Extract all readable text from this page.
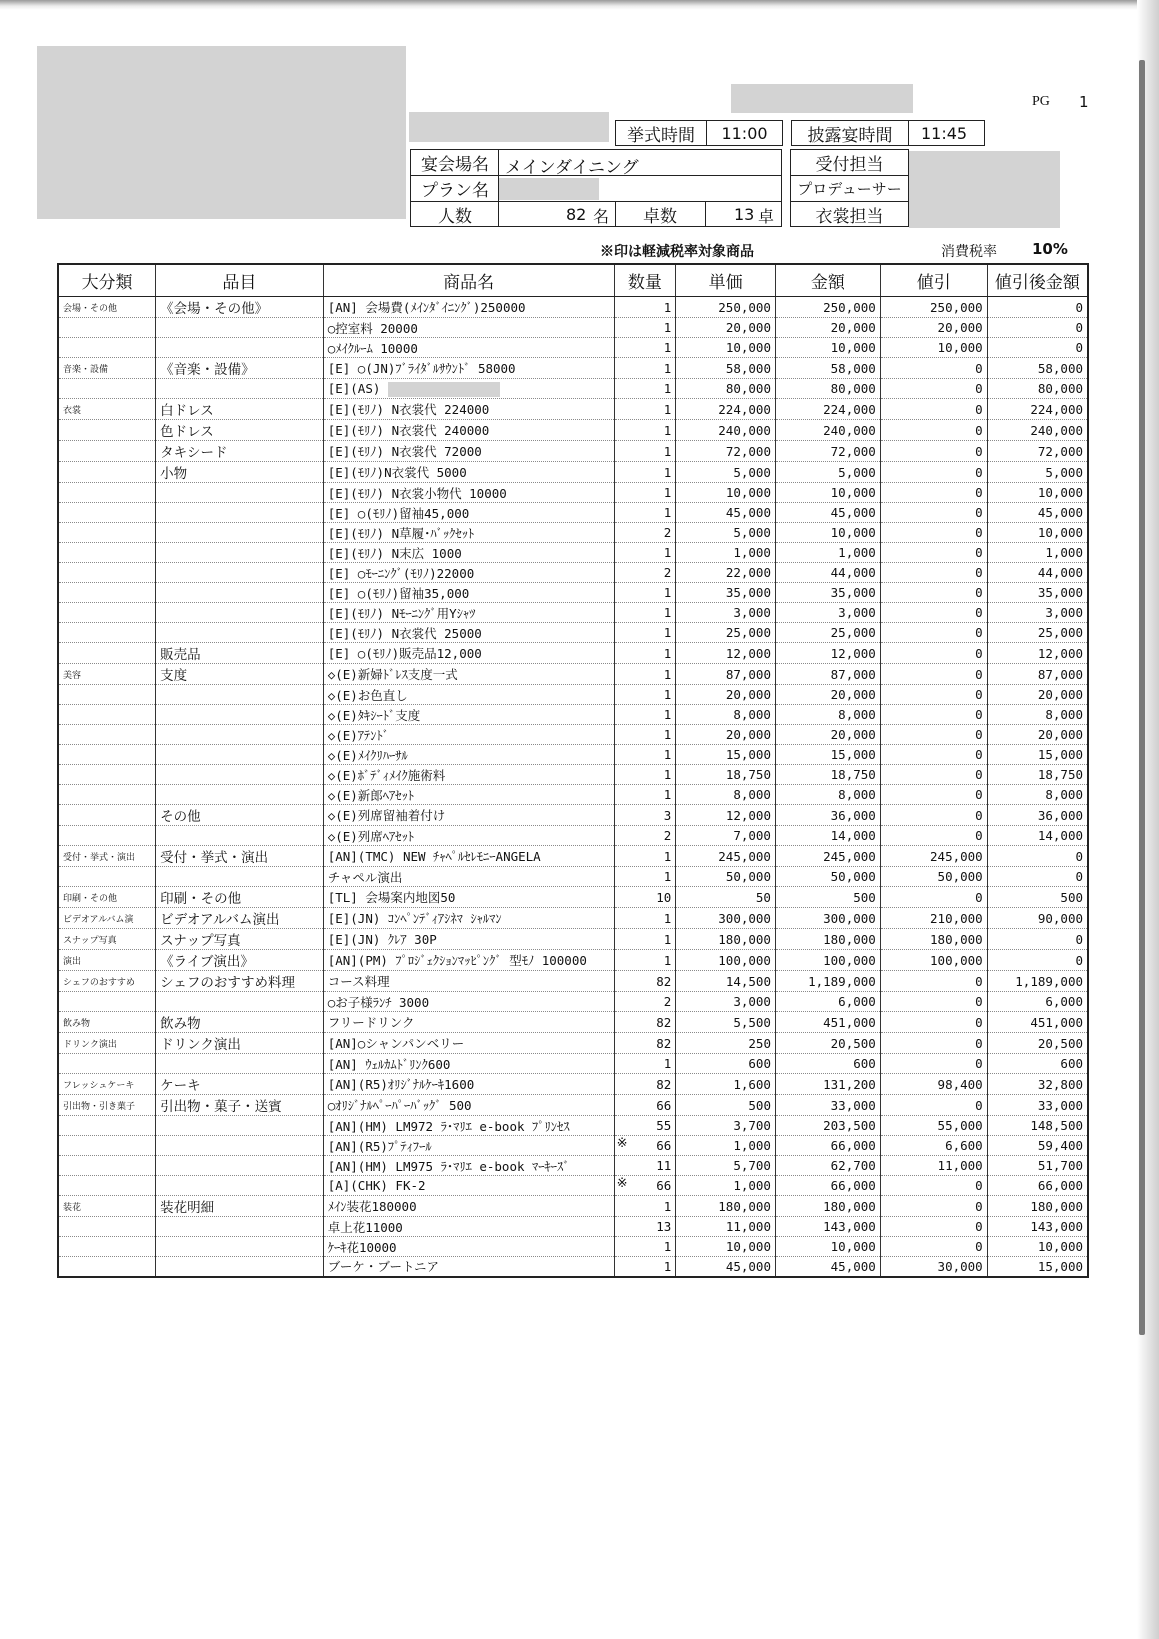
PG 1
挙式時間	11:00	披露宴時間	11:45
宴会場名 メインダイニング
プラン名
人数	82 名	卓数	13 卓
受付担当
プロデューサー
衣裳担当
※印は軽減税率対象商品	消費税率 10%
大分類	品目	商品名	数量	単価	金額	値引	値引後金額
会場・その他	《会場・その他》	[AN] 会場費(ﾒｲﾝﾀﾞｲﾆﾝｸﾞ)250000	1	250,000	250,000	250,000	0
		○控室料 20000	1	20,000	20,000	20,000	0
		○ﾒｲｸﾙｰﾑ 10000	1	10,000	10,000	10,000	0
音楽・設備	《音楽・設備》	[E] ○(JN)ﾌﾞﾗｲﾀﾞﾙｻｳﾝﾄﾞ 58000	1	58,000	58,000	0	58,000
		[E](AS)	1	80,000	80,000	0	80,000
衣裳	白ドレス	[E](ﾓﾘﾉ) N衣裳代 224000	1	224,000	224,000	0	224,000
	色ドレス	[E](ﾓﾘﾉ) N衣裳代 240000	1	240,000	240,000	0	240,000
	タキシード	[E](ﾓﾘﾉ) N衣裳代 72000	1	72,000	72,000	0	72,000
	小物	[E](ﾓﾘﾉ)N衣裳代 5000	1	5,000	5,000	0	5,000
		[E](ﾓﾘﾉ) N衣裳小物代 10000	1	10,000	10,000	0	10,000
		[E] ○(ﾓﾘﾉ)留袖45,000	1	45,000	45,000	0	45,000
		[E](ﾓﾘﾉ) N草履･ﾊﾞｯｸｾｯﾄ	2	5,000	10,000	0	10,000
		[E](ﾓﾘﾉ) N末広 1000	1	1,000	1,000	0	1,000
		[E] ○ﾓｰﾆﾝｸﾞ(ﾓﾘﾉ)22000	2	22,000	44,000	0	44,000
		[E] ○(ﾓﾘﾉ)留袖35,000	1	35,000	35,000	0	35,000
		[E](ﾓﾘﾉ) Nﾓｰﾆﾝｸﾞ用Yｼｬﾂ	1	3,000	3,000	0	3,000
		[E](ﾓﾘﾉ) N衣裳代 25000	1	25,000	25,000	0	25,000
	販売品	[E] ○(ﾓﾘﾉ)販売品12,000	1	12,000	12,000	0	12,000
美容	支度	◇(E)新婦ﾄﾞﾚｽ支度一式	1	87,000	87,000	0	87,000
		◇(E)お色直し	1	20,000	20,000	0	20,000
		◇(E)ﾀｷｼｰﾄﾞ支度	1	8,000	8,000	0	8,000
		◇(E)ｱﾃﾝﾄﾞ	1	20,000	20,000	0	20,000
		◇(E)ﾒｲｸﾘﾊｰｻﾙ	1	15,000	15,000	0	15,000
		◇(E)ﾎﾞﾃﾞｨﾒｲｸ施術料	1	18,750	18,750	0	18,750
		◇(E)新郎ﾍｱｾｯﾄ	1	8,000	8,000	0	8,000
	その他	◇(E)列席留袖着付け	3	12,000	36,000	0	36,000
		◇(E)列席ﾍｱｾｯﾄ	2	7,000	14,000	0	14,000
受付・挙式・演出	受付・挙式・演出	[AN](TMC) NEW ﾁｬﾍﾟﾙｾﾚﾓﾆｰANGELA	1	245,000	245,000	245,000	0
		チャペル演出	1	50,000	50,000	50,000	0
印刷・その他	印刷・その他	[TL] 会場案内地図50	10	50	500	0	500
ビデオアルバム演	ビデオアルバム演出	[E](JN) ｺﾝﾍﾟﾝﾃﾞｨｱｼﾈﾏ ｼｬﾙﾏﾝ	1	300,000	300,000	210,000	90,000
スナップ写真	スナップ写真	[E](JN) ｸﾚｱ 30P	1	180,000	180,000	180,000	0
演出	《ライブ演出》	[AN](PM) ﾌﾟﾛｼﾞｪｸｼｮﾝﾏｯﾋﾟﾝｸﾞ 型ﾓﾉ 100000	1	100,000	100,000	100,000	0
シェフのおすすめ	シェフのおすすめ料理	コース料理	82	14,500	1,189,000	0	1,189,000
		○お子様ﾗﾝﾁ 3000	2	3,000	6,000	0	6,000
飲み物	飲み物	フリードリンク	82	5,500	451,000	0	451,000
ドリンク演出	ドリンク演出	[AN]○シャンパンベリー	82	250	20,500	0	20,500
		[AN] ｳｪﾙｶﾑﾄﾞﾘﾝｸ600	1	600	600	0	600
フレッシュケーキ	ケーキ	[AN](R5)ｵﾘｼﾞﾅﾙｹｰｷ1600	82	1,600	131,200	98,400	32,800
引出物・引き菓子	引出物・菓子・送賓	○ｵﾘｼﾞﾅﾙﾍﾟｰﾊﾟｰﾊﾞｯｸﾞ 500	66	500	33,000	0	33,000
		[AN](HM) LM972 ﾗ･ﾏﾘｴ e-book ﾌﾟﾘﾝｾｽ	55	3,700	203,500	55,000	148,500
		[AN](R5)ﾌﾟﾃｨﾌｰﾙ	※ 66	1,000	66,000	6,600	59,400
		[AN](HM) LM975 ﾗ･ﾏﾘｴ e-book ﾏｰｷｰｽﾞ	11	5,700	62,700	11,000	51,700
		[A](CHK) FK-2	※ 66	1,000	66,000	0	66,000
装花	装花明細	ﾒｲﾝ装花180000	1	180,000	180,000	0	180,000
		卓上花11000	13	11,000	143,000	0	143,000
		ｹｰｷ花10000	1	10,000	10,000	0	10,000
		ブーケ・ブートニア	1	45,000	45,000	30,000	15,000
